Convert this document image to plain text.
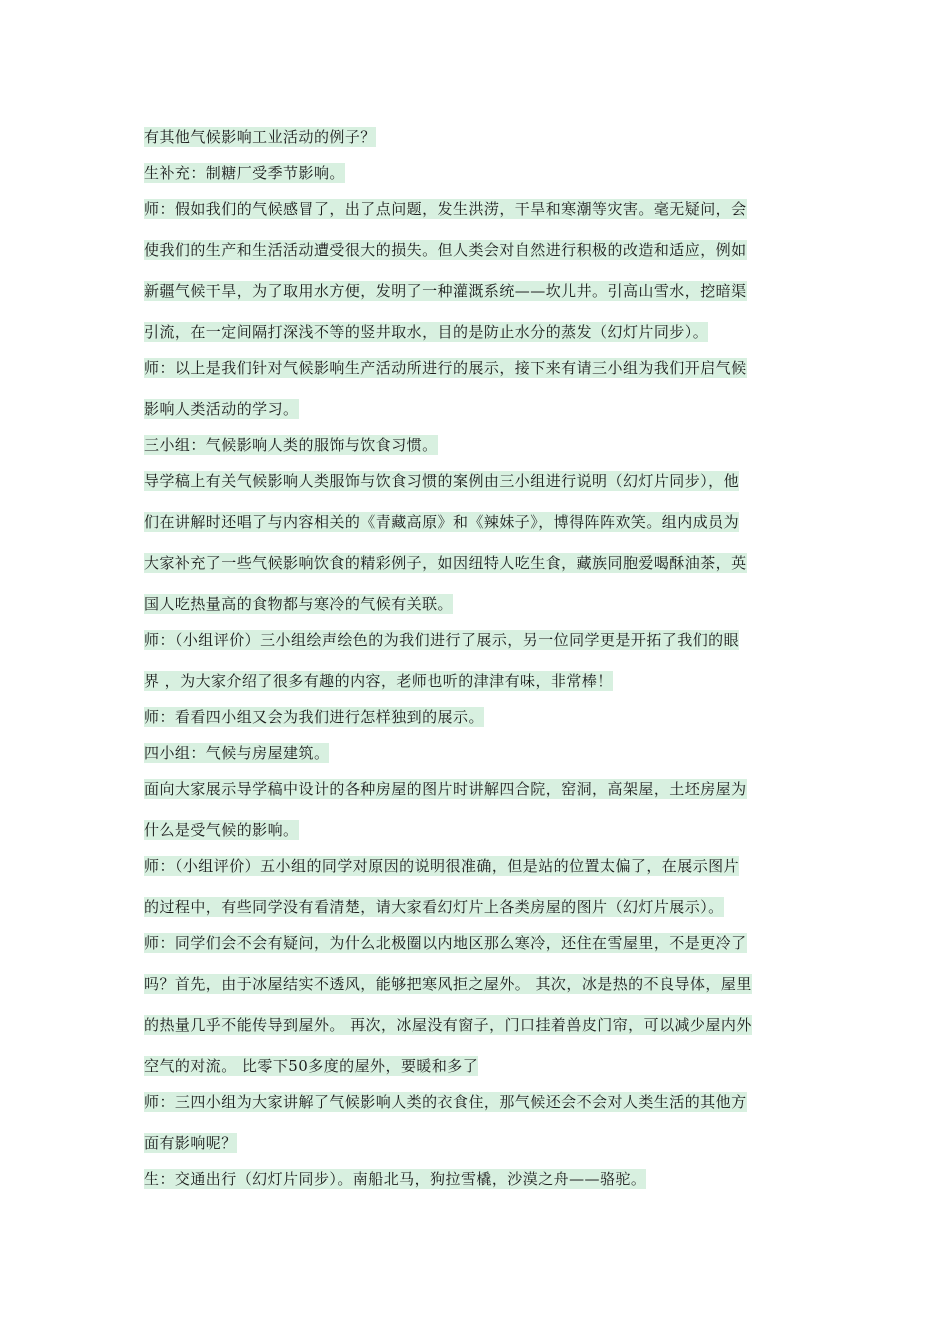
有其他气候影响工业活动的例子？
生补充：制糖厂受季节影响。
师：假如我们的气候感冒了，出了点问题，发生洪涝，干旱和寒潮等灾害。毫无疑问，会
使我们的生产和生活活动遭受很大的损失。但人类会对自然进行积极的改造和适应，例如
新疆气候干旱，为了取用水方便，发明了一种灌溉系统——坎儿井。引高山雪水，挖暗渠
引流，在一定间隔打深浅不等的竖井取水，目的是防止水分的蒸发（幻灯片同步）。
师：以上是我们针对气候影响生产活动所进行的展示，接下来有请三小组为我们开启气候
影响人类活动的学习。
三小组：气候影响人类的服饰与饮食习惯。
导学稿上有关气候影响人类服饰与饮食习惯的案例由三小组进行说明（幻灯片同步），他
们在讲解时还唱了与内容相关的《青藏高原》和《辣妹子》，博得阵阵欢笑。组内成员为
大家补充了一些气候影响饮食的精彩例子，如因纽特人吃生食，藏族同胞爱喝酥油茶，英
国人吃热量高的食物都与寒冷的气候有关联。
师：（小组评价）三小组绘声绘色的为我们进行了展示，另一位同学更是开拓了我们的眼
界 ，为大家介绍了很多有趣的内容，老师也听的津津有味，非常棒！
师：看看四小组又会为我们进行怎样独到的展示。
四小组：气候与房屋建筑。
面向大家展示导学稿中设计的各种房屋的图片时讲解四合院，窑洞，高架屋，土坯房屋为
什么是受气候的影响。
师：（小组评价）五小组的同学对原因的说明很准确，但是站的位置太偏了，在展示图片
的过程中，有些同学没有看清楚，请大家看幻灯片上各类房屋的图片（幻灯片展示）。
师：同学们会不会有疑问，为什么北极圈以内地区那么寒冷，还住在雪屋里，不是更冷了
吗？首先，由于冰屋结实不透风，能够把寒风拒之屋外。 其次，冰是热的不良导体，屋里
的热量几乎不能传导到屋外。 再次，冰屋没有窗子，门口挂着兽皮门帘，可以减少屋内外
空气的对流。 比零下50多度的屋外，要暖和多了
师：三四小组为大家讲解了气候影响人类的衣食住，那气候还会不会对人类生活的其他方
面有影响呢？
生：交通出行（幻灯片同步）。南船北马，狗拉雪橇，沙漠之舟——骆驼。
